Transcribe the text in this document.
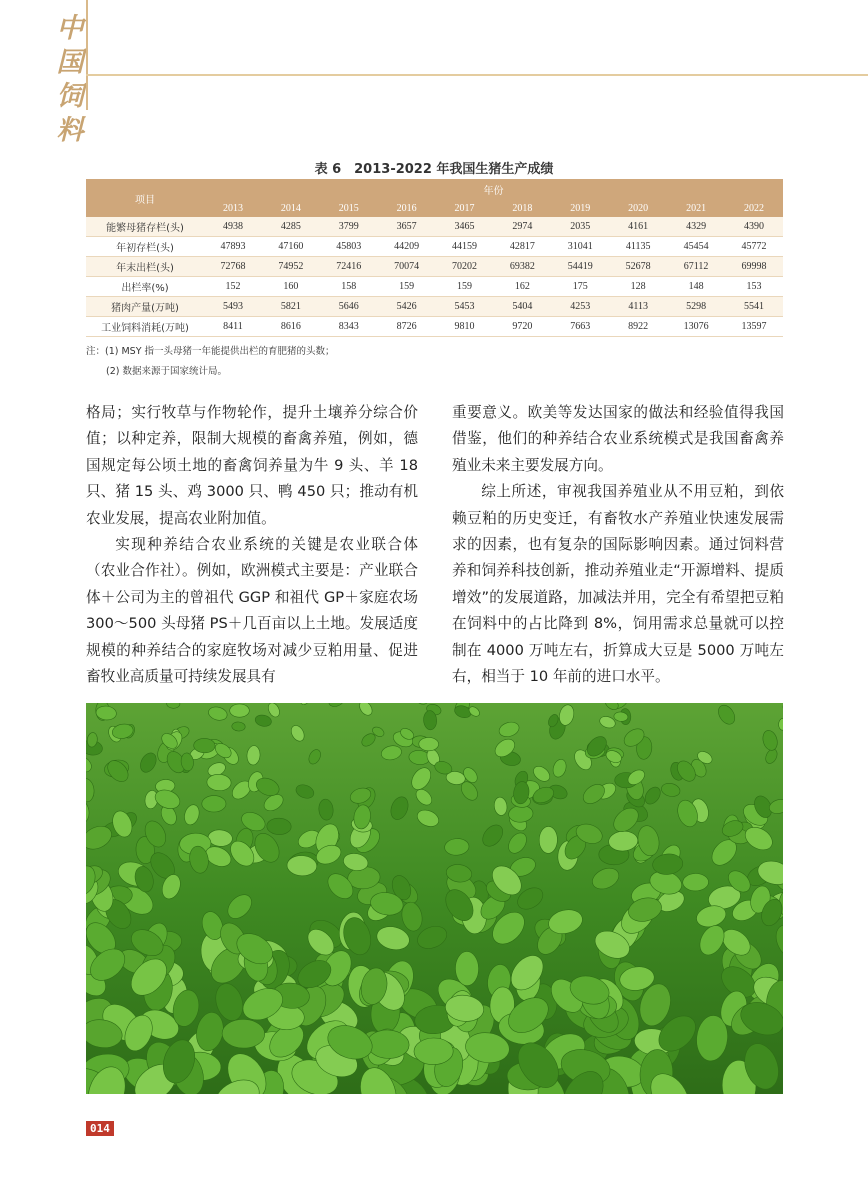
中
国
饲
料
表 6　2013-2022 年我国生猪生产成绩
项目	年份									
	2013	2014	2015	2016	2017	2018	2019	2020	2021	2022
能繁母猪存栏(头)	4938	4285	3799	3657	3465	2974	2035	4161	4329	4390
年初存栏(头)	47893	47160	45803	44209	44159	42817	31041	41135	45454	45772
年末出栏(头)	72768	74952	72416	70074	70202	69382	54419	52678	67112	69998
出栏率(%)	152	160	158	159	159	162	175	128	148	153
猪肉产量(万吨)	5493	5821	5646	5426	5453	5404	4253	4113	5298	5541
工业饲料消耗(万吨)	8411	8616	8343	8726	9810	9720	7663	8922	13076	13597
注：(1) MSY 指一头母猪一年能提供出栏的育肥猪的头数；
(2) 数据来源于国家统计局。

格局；实行牧草与作物轮作，提升土壤养分综合价值；以种定养，限制大规模的畜禽养殖，例如，德国规定每公顷土地的畜禽饲养量为牛 9 头、羊 18 只、猪 15 头、鸡 3000 只、鸭 450 只；推动有机农业发展，提高农业附加值。

实现种养结合农业系统的关键是农业联合体（农业合作社）。例如，欧洲模式主要是：产业联合体＋公司为主的曾祖代 GGP 和祖代 GP＋家庭农场 300～500 头母猪 PS＋几百亩以上土地。发展适度规模的种养结合的家庭牧场对减少豆粕用量、促进畜牧业高质量可持续发展具有

重要意义。欧美等发达国家的做法和经验值得我国借鉴，他们的种养结合农业系统模式是我国畜禽养殖业未来主要发展方向。

综上所述，审视我国养殖业从不用豆粕，到依赖豆粕的历史变迁，有畜牧水产养殖业快速发展需求的因素，也有复杂的国际影响因素。通过饲料营养和饲养科技创新，推动养殖业走“开源增料、提质增效”的发展道路，加减法并用，完全有希望把豆粕在饲料中的占比降到 8%，饲用需求总量就可以控制在 4000 万吨左右，折算成大豆是 5000 万吨左右，相当于 10 年前的进口水平。

014
